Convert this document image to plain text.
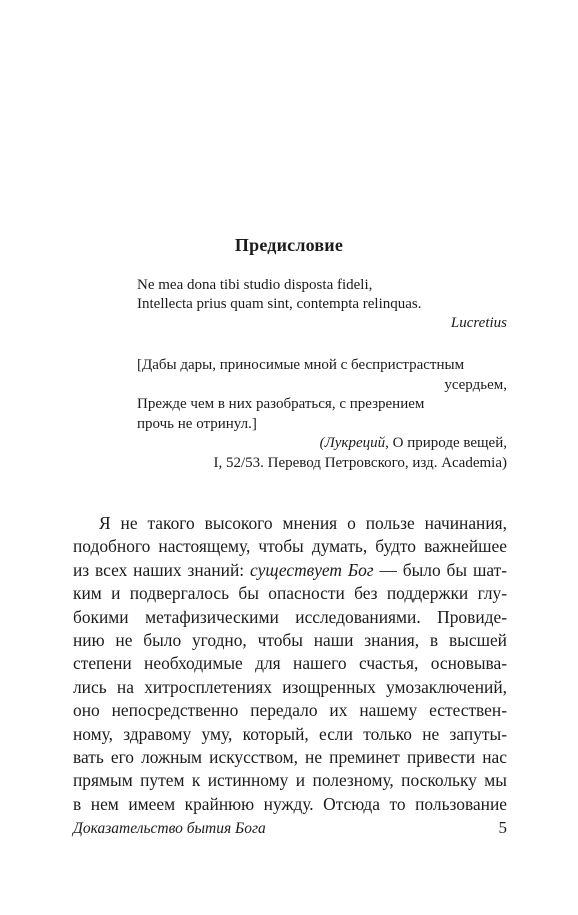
Предисловие
Ne mea dona tibi studio disposta fideli,
Intellecta prius quam sint, contempta relinquas.
Lucretius
[Дабы дары, приносимые мной с беспристрастным
усердьем,
Прежде чем в них разобраться, с презрением
прочь не отринул.]
(Лукреций, О природе вещей,
I, 52/53. Перевод Петровского, изд. Academia)
Я не такого высокого мнения о пользе начинания,
подобного настоящему, чтобы думать, будто важнейшее
из всех наших знаний: существует Бог — было бы шат-
ким и подвергалось бы опасности без поддержки глу-
бокими метафизическими исследованиями. Провиде-
нию не было угодно, чтобы наши знания, в высшей
степени необходимые для нашего счастья, основыва-
лись на хитросплетениях изощренных умозаключений,
оно непосредственно передало их нашему естествен-
ному, здравому уму, который, если только не запуты-
вать его ложным искусством, не преминет привести нас
прямым путем к истинному и полезному, поскольку мы
в нем имеем крайнюю нужду. Отсюда то пользование
Доказательство бытия Бога	5
